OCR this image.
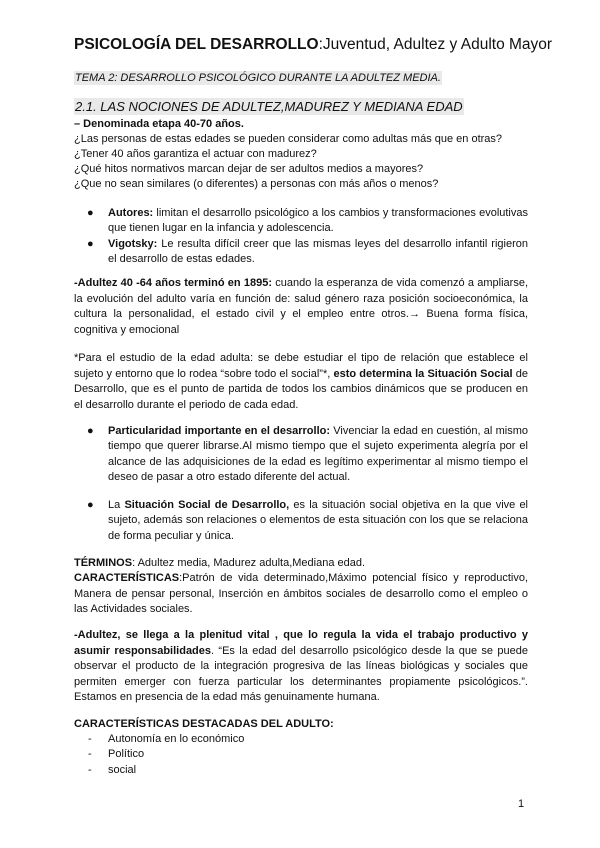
PSICOLOGÍA DEL DESARROLLO:Juventud, Adultez y Adulto Mayor
TEMA 2: DESARROLLO PSICOLÓGICO DURANTE LA ADULTEZ MEDIA.
2.1. LAS NOCIONES DE ADULTEZ,MADUREZ Y MEDIANA EDAD
– Denominada etapa 40-70 años.
¿Las personas de estas edades se pueden considerar como adultas más que en otras?
¿Tener 40 años garantiza el actuar con madurez?
¿Qué hitos normativos marcan dejar de ser adultos medios a mayores?
¿Que no sean similares (o diferentes) a personas con más años o menos?
● Autores: limitan el desarrollo psicológico a los cambios y transformaciones evolutivas que tienen lugar en la infancia y adolescencia.
● Vigotsky: Le resulta difícil creer que las mismas leyes del desarrollo infantil rigieron el desarrollo de estas edades.
-Adultez 40 -64 años terminó en 1895: cuando la esperanza de vida comenzó a ampliarse, la evolución del adulto varía en función de: salud género raza posición socioeconómica, la cultura la personalidad, el estado civil y el empleo entre otros.→ Buena forma física, cognitiva y emocional
*Para el estudio de la edad adulta: se debe estudiar el tipo de relación que establece el sujeto y entorno que lo rodea “sobre todo el social”*, esto determina la Situación Social de Desarrollo, que es el punto de partida de todos los cambios dinámicos que se producen en el desarrollo durante el periodo de cada edad.
● Particularidad importante en el desarrollo: Vivenciar la edad en cuestión, al mismo tiempo que querer librarse.Al mismo tiempo que el sujeto experimenta alegría por el alcance de las adquisiciones de la edad es legítimo experimentar al mismo tiempo el deseo de pasar a otro estado diferente del actual.
● La Situación Social de Desarrollo, es la situación social objetiva en la que vive el sujeto, además son relaciones o elementos de esta situación con los que se relaciona de forma peculiar y única.
TÉRMINOS: Adultez media, Madurez adulta,Mediana edad.
CARACTERÍSTICAS:Patrón de vida determinado,Máximo potencial físico y reproductivo, Manera de pensar personal, Inserción en ámbitos sociales de desarrollo como el empleo o las Actividades sociales.
-Adultez, se llega a la plenitud vital , que lo regula la vida el trabajo productivo y asumir responsabilidades. “Es la edad del desarrollo psicológico desde la que se puede observar el producto de la integración progresiva de las líneas biológicas y sociales que permiten emerger con fuerza particular los determinantes propiamente psicológicos.”. Estamos en presencia de la edad más genuinamente humana.
CARACTERÍSTICAS DESTACADAS DEL ADULTO:
- Autonomía en lo económico
- Político
- social
1
